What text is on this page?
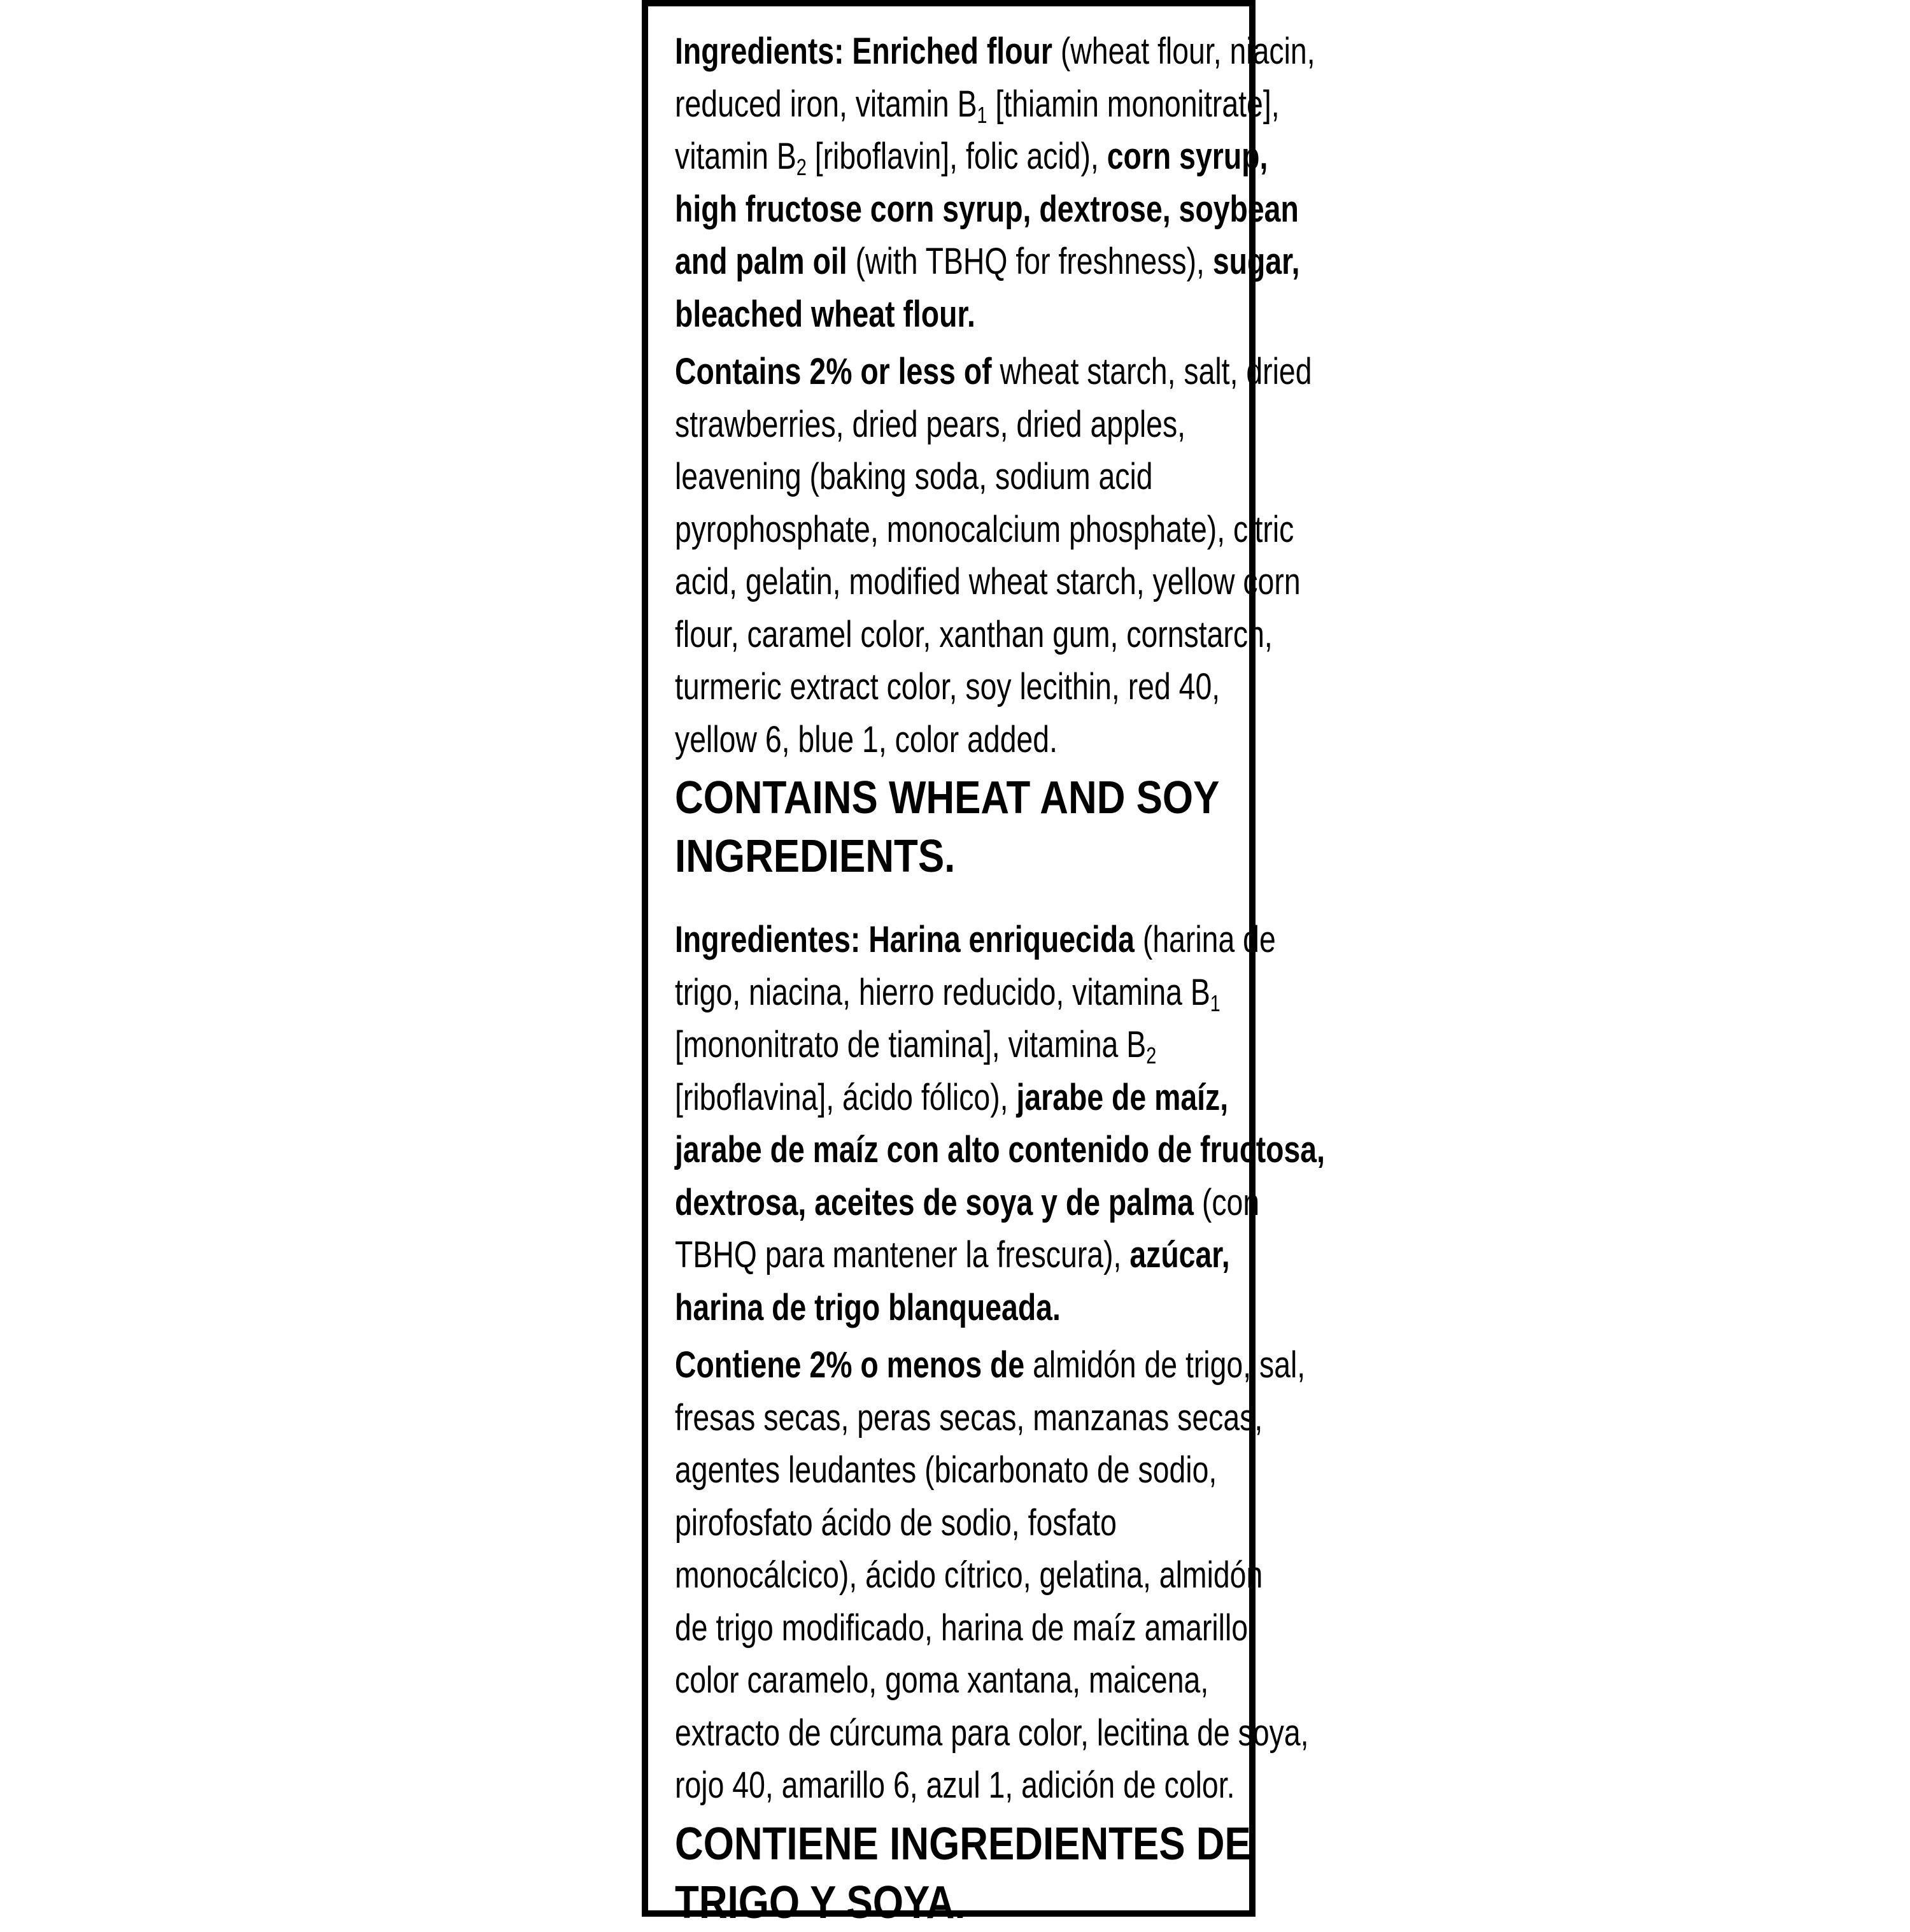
Ingredients: Enriched flour (wheat flour, niacin,
reduced iron, vitamin $B_1$ [thiamin mononitrate],
vitamin $B_2$ [riboflavin], folic acid), corn syrup,
high fructose corn syrup, dextrose, soybean
and palm oil (with TBHQ for freshness), sugar,
bleached wheat flour.

Contains 2% or less of wheat starch, salt, dried
strawberries, dried pears, dried apples,
leavening (baking soda, sodium acid
pyrophosphate, monocalcium phosphate), citric
acid, gelatin, modified wheat starch, yellow corn
flour, caramel color, xanthan gum, cornstarch,
turmeric extract color, soy lecithin, red 40,
yellow 6, blue 1, color added.

CONTAINS WHEAT AND SOY
INGREDIENTS.

Ingredientes: Harina enriquecida (harina de
trigo, niacina, hierro reducido, vitamina $B_1$
[mononitrato de tiamina], vitamina $B_2$
[riboflavina], ácido fólico), jarabe de maíz,
jarabe de maíz con alto contenido de fructosa,
dextrosa, aceites de soya y de palma (con
TBHQ para mantener la frescura), azúcar,
harina de trigo blanqueada.

Contiene 2% o menos de almidón de trigo, sal,
fresas secas, peras secas, manzanas secas,
agentes leudantes (bicarbonato de sodio,
pirofosfato ácido de sodio, fosfato
monocálcico), ácido cítrico, gelatina, almidón
de trigo modificado, harina de maíz amarillo,
color caramelo, goma xantana, maicena,
extracto de cúrcuma para color, lecitina de soya,
rojo 40, amarillo 6, azul 1, adición de color.

CONTIENE INGREDIENTES DE
TRIGO Y SOYA.
